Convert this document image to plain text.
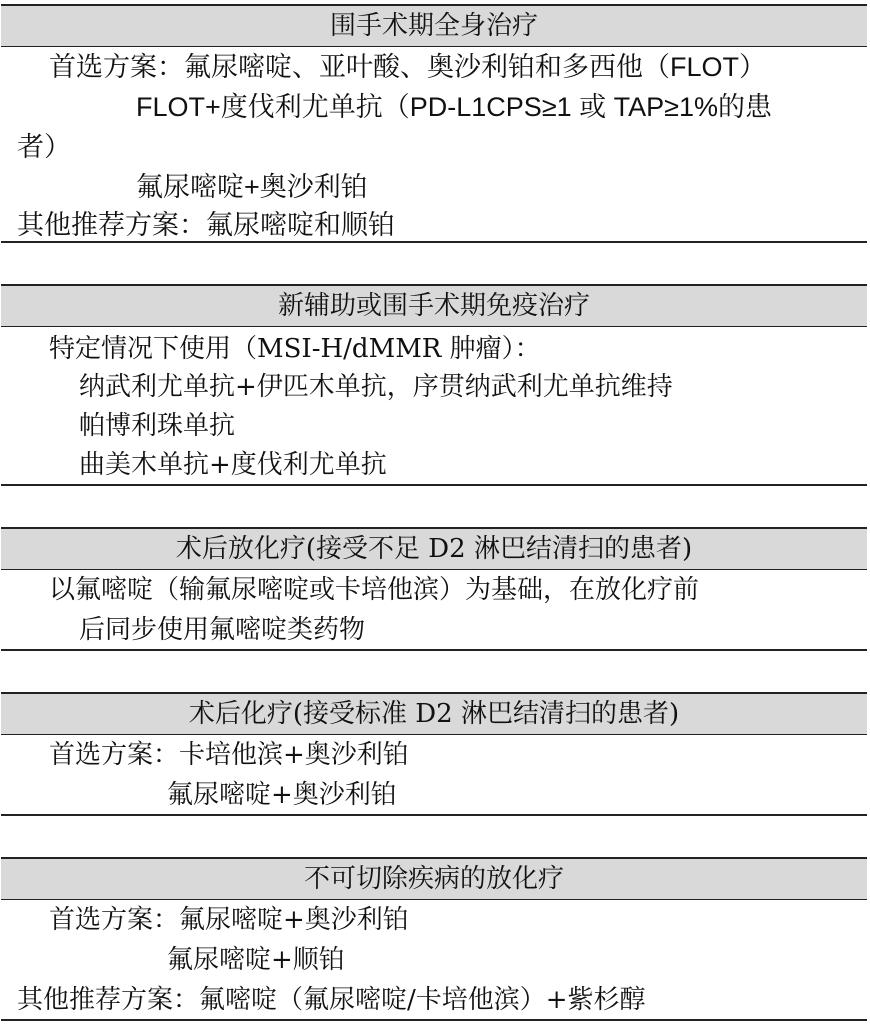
围手术期全身治疗
首选方案：氟尿嘧啶、亚叶酸、奥沙利铂和多西他（FLOT）
FLOT+度伐利尤单抗（PD-L1CPS≥1 或 TAP≥1%的患
者）
氟尿嘧啶+奥沙利铂
其他推荐方案：氟尿嘧啶和顺铂
新辅助或围手术期免疫治疗
特定情况下使用（MSI-H/dMMR 肿瘤）：
纳武利尤单抗+伊匹木单抗，序贯纳武利尤单抗维持
帕博利珠单抗
曲美木单抗+度伐利尤单抗
术后放化疗(接受不足 D2 淋巴结清扫的患者)
以氟嘧啶（输氟尿嘧啶或卡培他滨）为基础，在放化疗前
后同步使用氟嘧啶类药物
术后化疗(接受标准 D2 淋巴结清扫的患者)
首选方案：卡培他滨+奥沙利铂
氟尿嘧啶+奥沙利铂
不可切除疾病的放化疗
首选方案：氟尿嘧啶+奥沙利铂
氟尿嘧啶+顺铂
其他推荐方案：氟嘧啶（氟尿嘧啶/卡培他滨）+紫杉醇
